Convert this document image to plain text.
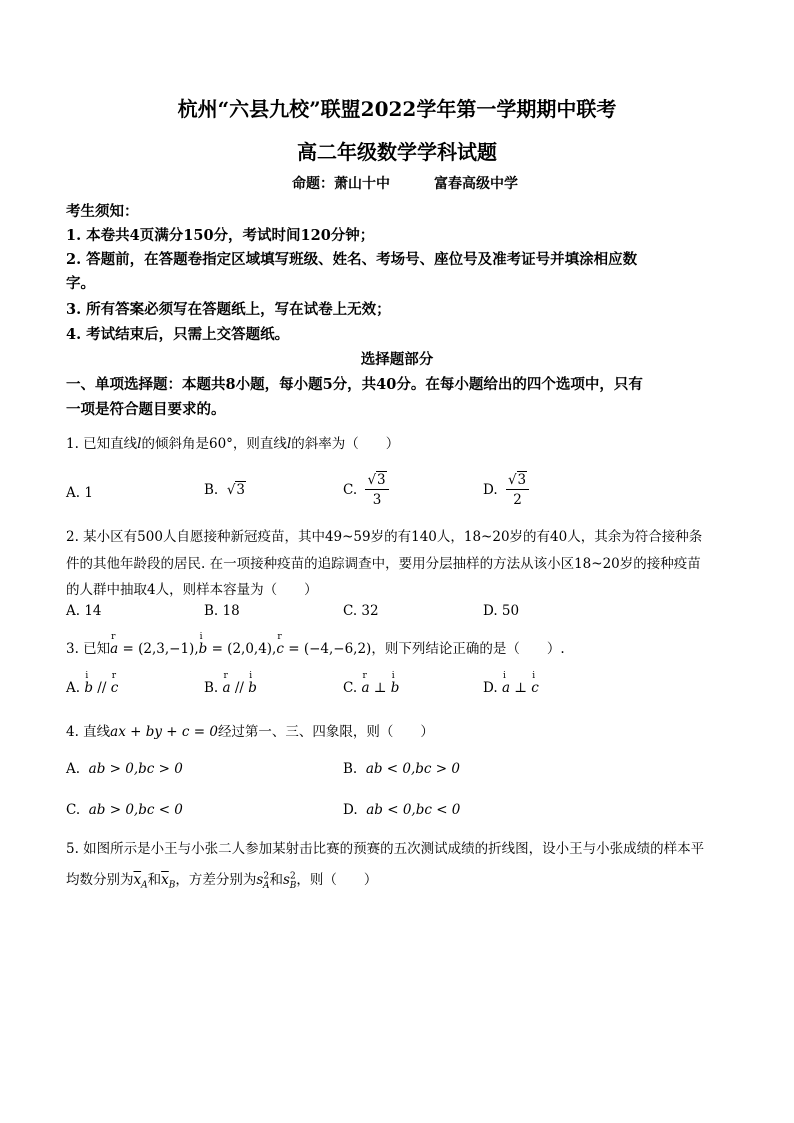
杭州“六县九校”联盟2022学年第一学期期中联考
高二年级数学学科试题
命题：萧山十中	富春高级中学
考生须知：
1. 本卷共4页满分150分，考试时间120分钟；
2. 答题前，在答题卷指定区域填写班级、姓名、考场号、座位号及准考证号并填涂相应数
字。
3. 所有答案必须写在答题纸上，写在试卷上无效；
4. 考试结束后，只需上交答题纸。
选择题部分
一、单项选择题：本题共8小题，每小题5分，共40分。在每小题给出的四个选项中，只有
一项是符合题目要求的。
1. 已知直线l的倾斜角是60°，则直线l的斜率为（　　）
A. 1	B. √3	C. $\frac{√3}{3}$	D. $\frac{√3}{2}$
2. 某小区有500人自愿接种新冠疫苗，其中49~59岁的有140人，18~20岁的有40人，其余为符合接种条
件的其他年龄段的居民. 在一项接种疫苗的追踪调查中，要用分层抽样的方法从该小区18~20岁的接种疫苗
的人群中抽取4人，则样本容量为（　　）
A. 14	B. 18	C. 32	D. 50
3. 已知
r
a = (2,3,−1),
i
b = (2,0,4),
r
c = (−4,−6,2)，则下列结论正确的是（　　）.
A.
i
b //
r
c	B.
r
a //
i
b	C.
r
a ⊥
i
b	D.
i
a ⊥
i
c
4. 直线ax + by + c = 0经过第一、三、四象限，则（　　）
A. ab > 0,bc > 0	B. ab < 0,bc > 0
C. ab > 0,bc < 0	D. ab < 0,bc < 0
5. 如图所示是小王与小张二人参加某射击比赛的预赛的五次测试成绩的折线图，设小王与小张成绩的样本平
均数分别为$\overline{x}_A$和$\overline{x}_B$，方差分别为$s^2_A$和$s^2_B$，则（　　）
